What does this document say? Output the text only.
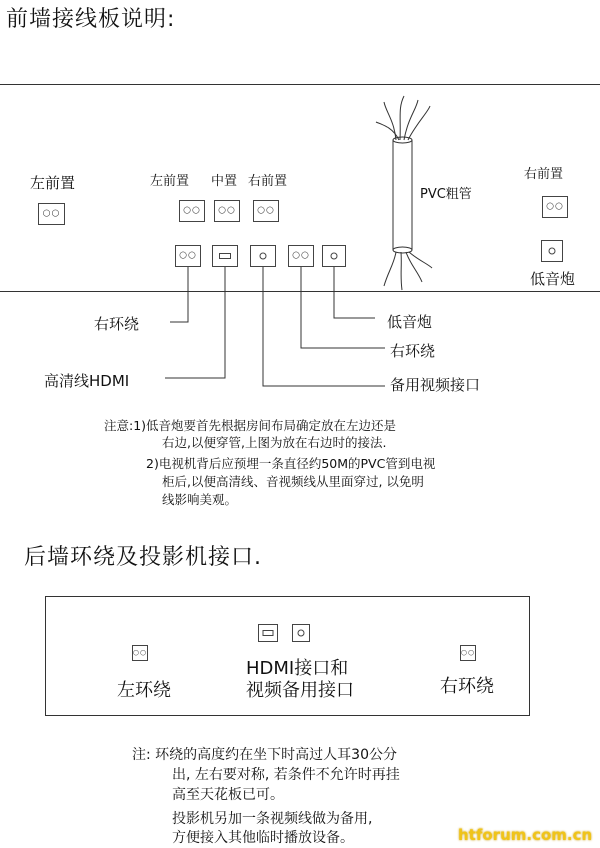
前墙接线板说明:
左前置	左前置 中置 右前置	右前置
PVC粗管
低音炮
○○	○○ ○○ ○○	○○
○○	○○
右环绕
高清线HDMI
低音炮
右环绕
备用视频接口
注意:1)低音炮要首先根据房间布局确定放在左边还是
右边,以便穿管,上图为放在右边时的接法.
2)电视机背后应预埋一条直径约50M的PVC管到电视
柜后,以便高清线、音视频线从里面穿过, 以免明
线影响美观。
后墙环绕及投影机接口.
○○	○○
左环绕
HDMI接口和
视频备用接口	右环绕
注: 环绕的高度约在坐下时高过人耳30公分
出, 左右要对称, 若条件不允许时再挂
高至天花板已可。
投影机另加一条视频线做为备用,
方便接入其他临时播放设备。	htforum.com.cn
